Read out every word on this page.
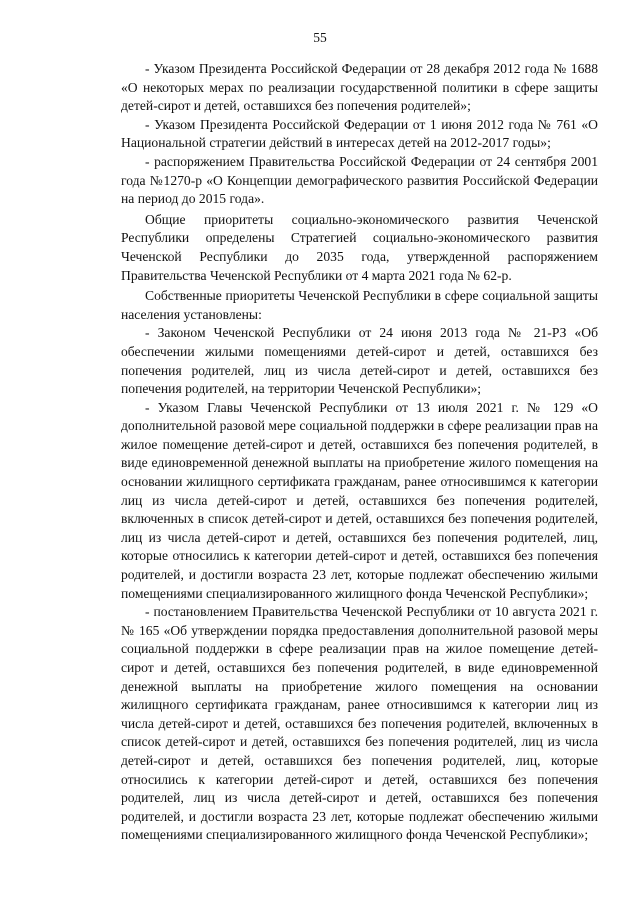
55

- Указом Президента Российской Федерации от 28 декабря 2012 года № 1688 «О некоторых мерах по реализации государственной политики в сфере защиты детей-сирот и детей, оставшихся без попечения родителей»;

- Указом Президента Российской Федерации от 1 июня 2012 года № 761 «О Национальной стратегии действий в интересах детей на 2012-2017 годы»;

- распоряжением Правительства Российской Федерации от 24 сентября 2001 года №1270-р «О Концепции демографического развития Российской Федерации на период до 2015 года».

Общие приоритеты социально-экономического развития Чеченской Республики определены Стратегией социально-экономического развития Чеченской Республики до 2035 года, утвержденной распоряжением Правительства Чеченской Республики от 4 марта 2021 года № 62-р.

Собственные приоритеты Чеченской Республики в сфере социальной защиты населения установлены:

- Законом Чеченской Республики от 24 июня 2013 года № 21-РЗ «Об обеспечении жилыми помещениями детей-сирот и детей, оставшихся без попечения родителей, лиц из числа детей-сирот и детей, оставшихся без попечения родителей, на территории Чеченской Республики»;

- Указом Главы Чеченской Республики от 13 июля 2021 г. № 129 «О дополнительной разовой мере социальной поддержки в сфере реализации прав на жилое помещение детей-сирот и детей, оставшихся без попечения родителей, в виде единовременной денежной выплаты на приобретение жилого помещения на основании жилищного сертификата гражданам, ранее относившимся к категории лиц из числа детей-сирот и детей, оставшихся без попечения родителей, включенных в список детей-сирот и детей, оставшихся без попечения родителей, лиц из числа детей-сирот и детей, оставшихся без попечения родителей, лиц, которые относились к категории детей-сирот и детей, оставшихся без попечения родителей, и достигли возраста 23 лет, которые подлежат обеспечению жилыми помещениями специализированного жилищного фонда Чеченской Республики»;

- постановлением Правительства Чеченской Республики от 10 августа 2021 г. № 165 «Об утверждении порядка предоставления дополнительной разовой меры социальной поддержки в сфере реализации прав на жилое помещение детей-сирот и детей, оставшихся без попечения родителей, в виде единовременной денежной выплаты на приобретение жилого помещения на основании жилищного сертификата гражданам, ранее относившимся к категории лиц из числа детей-сирот и детей, оставшихся без попечения родителей, включенных в список детей-сирот и детей, оставшихся без попечения родителей, лиц из числа детей-сирот и детей, оставшихся без попечения родителей, лиц, которые относились к категории детей-сирот и детей, оставшихся без попечения родителей, лиц из числа детей-сирот и детей, оставшихся без попечения родителей, и достигли возраста 23 лет, которые подлежат обеспечению жилыми помещениями специализированного жилищного фонда Чеченской Республики»;
